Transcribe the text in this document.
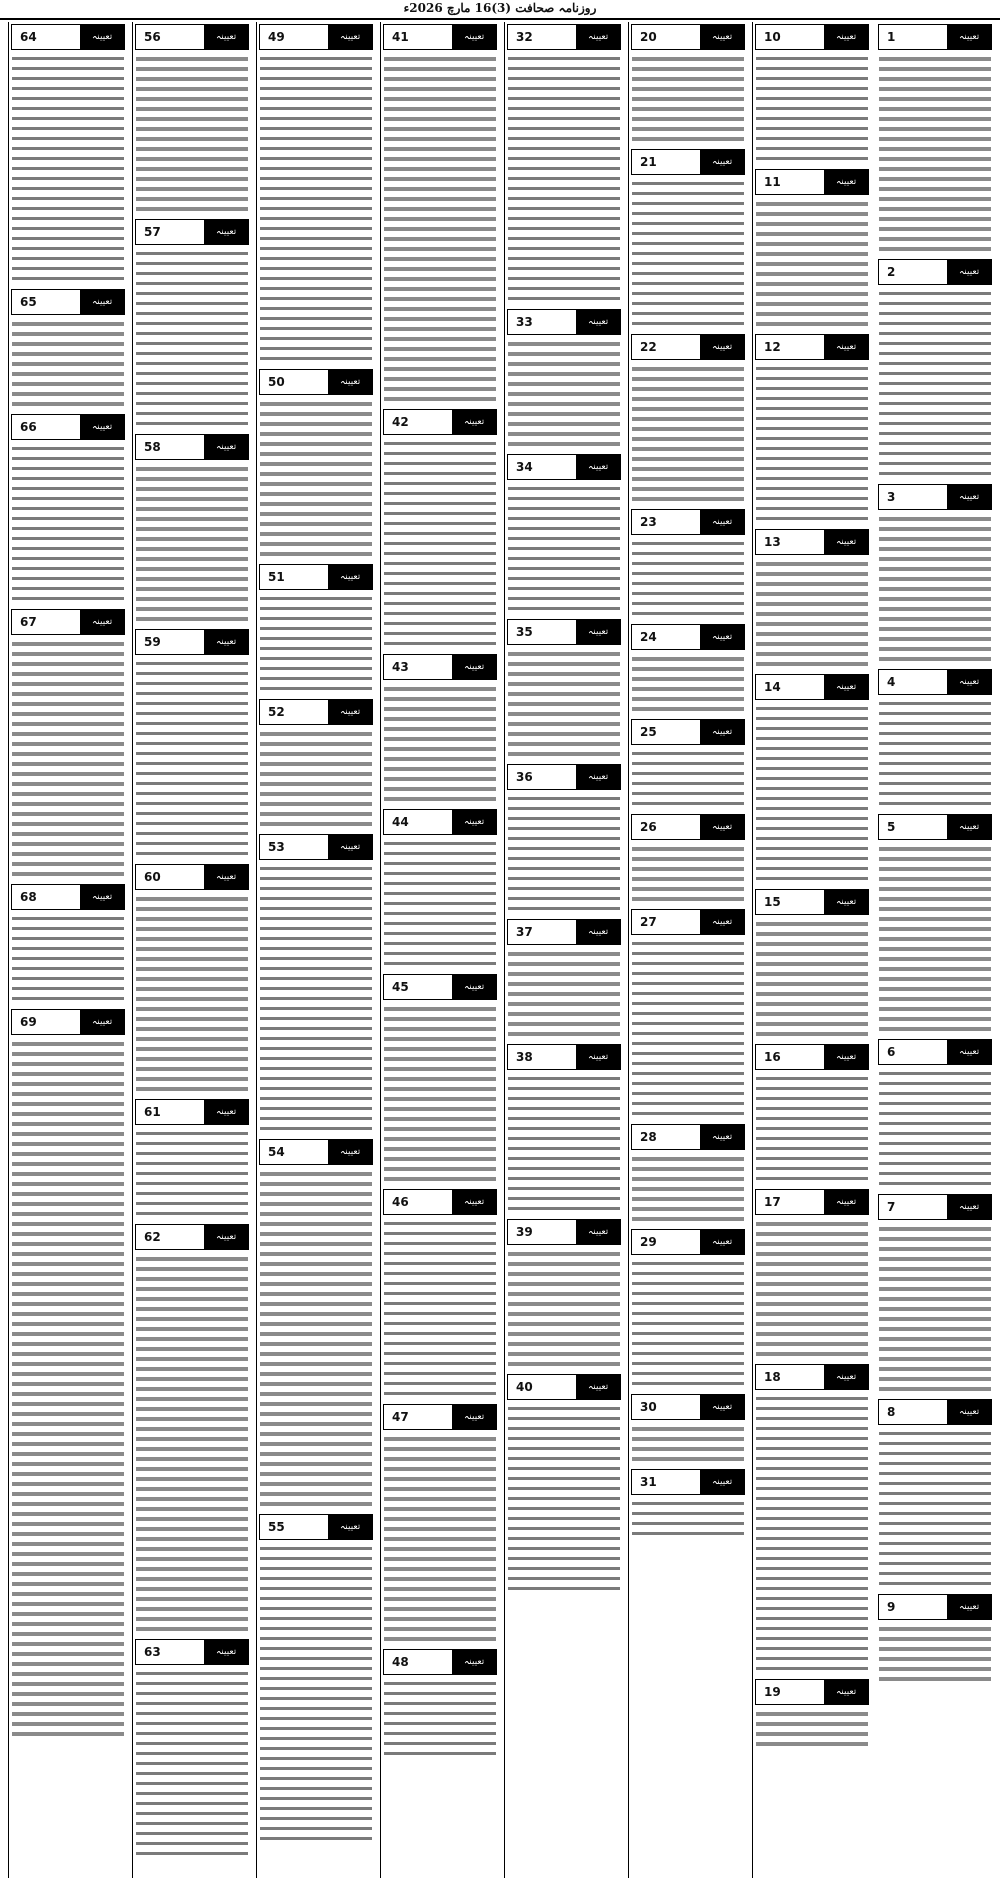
روزنامہ صحافت (3)16 مارچ 2026ء
1	تعیینہ
2	تعیینہ
3	تعیینہ
4	تعیینہ
5	تعیینہ
6	تعیینہ
7	تعیینہ
8	تعیینہ
9	تعیینہ
10	تعیینہ
11	تعیینہ
12	تعیینہ
13	تعیینہ
14	تعیینہ
15	تعیینہ
16	تعیینہ
17	تعیینہ
18	تعیینہ
19	تعیینہ
20	تعیینہ
21	تعیینہ
22	تعیینہ
23	تعیینہ
24	تعیینہ
25	تعیینہ
26	تعیینہ
27	تعیینہ
28	تعیینہ
29	تعیینہ
30	تعیینہ
31	تعیینہ
32	تعیینہ
33	تعیینہ
34	تعیینہ
35	تعیینہ
36	تعیینہ
37	تعیینہ
38	تعیینہ
39	تعیینہ
40	تعیینہ
41	تعیینہ
42	تعیینہ
43	تعیینہ
44	تعیینہ
45	تعیینہ
46	تعیینہ
47	تعیینہ
48	تعیینہ
49	تعیینہ
50	تعیینہ
51	تعیینہ
52	تعیینہ
53	تعیینہ
54	تعیینہ
55	تعیینہ
56	تعیینہ
57	تعیینہ
58	تعیینہ
59	تعیینہ
60	تعیینہ
61	تعیینہ
62	تعیینہ
63	تعیینہ
64	تعیینہ
65	تعیینہ
66	تعیینہ
67	تعیینہ
68	تعیینہ
69	تعیینہ
